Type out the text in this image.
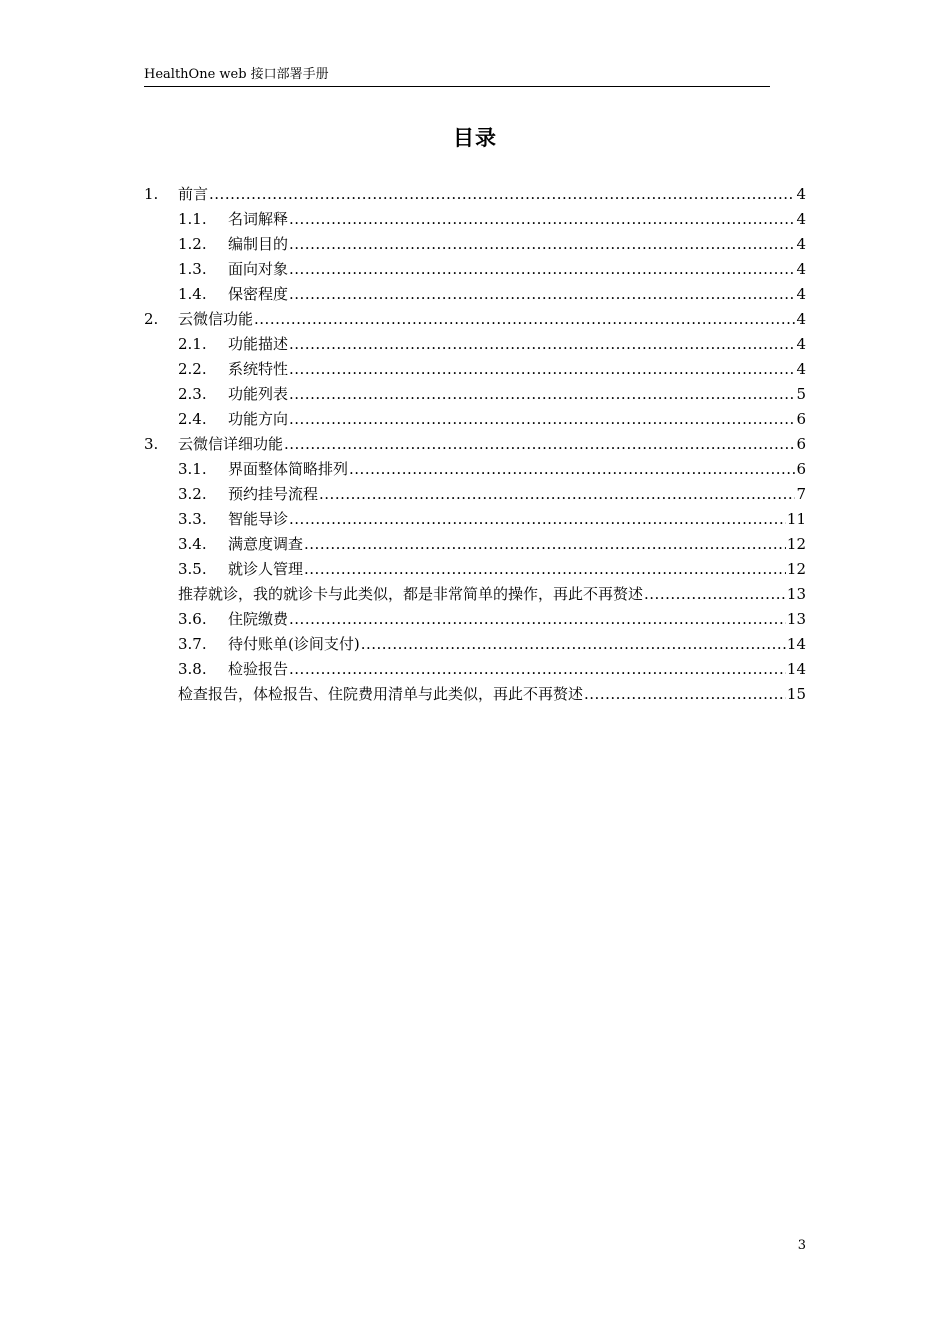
HealthOne web 接口部署手册
目录
1.	前言 .....	4
1.1.	名词解释 .....	4
1.2.	编制目的 .....	4
1.3.	面向对象 .....	4
1.4.	保密程度 .....	4
2.	云微信功能 .....	4
2.1.	功能描述 .....	4
2.2.	系统特性 .....	4
2.3.	功能列表 .....	5
2.4.	功能方向 .....	6
3.	云微信详细功能 .....	6
3.1.	界面整体简略排列 .....	6
3.2.	预约挂号流程 .....	7
3.3.	智能导诊 .....	11
3.4.	满意度调查 .....	12
3.5.	就诊人管理 .....	12
推荐就诊，我的就诊卡与此类似，都是非常简单的操作，再此不再赘述 .....	13
3.6.	住院缴费 .....	13
3.7.	待付账单(诊间支付) .....	14
3.8.	检验报告 .....	14
检查报告，体检报告、住院费用清单与此类似，再此不再赘述 .....	15
3
